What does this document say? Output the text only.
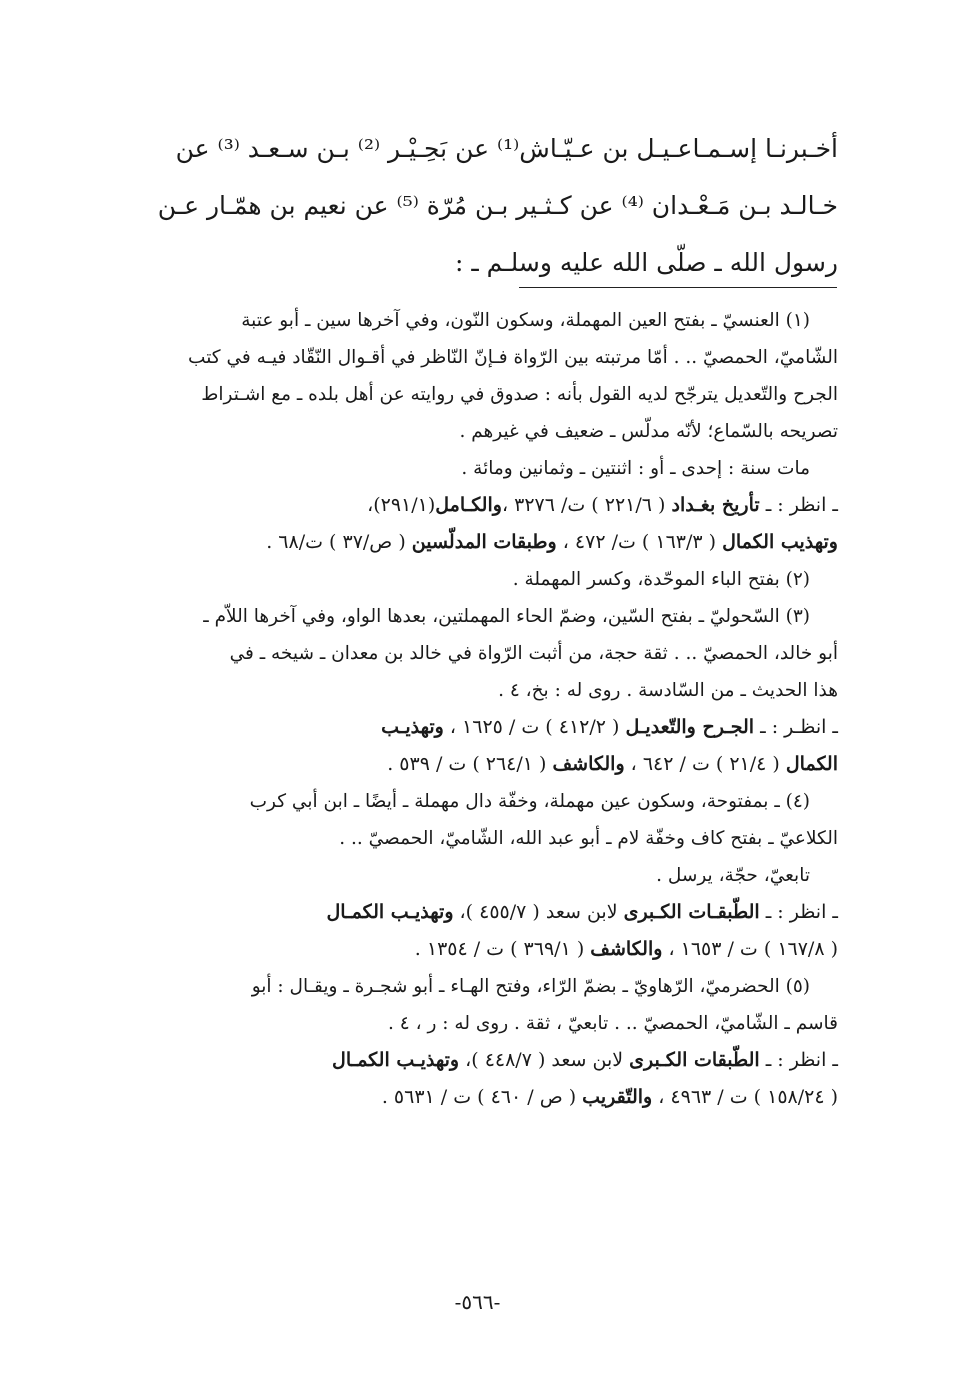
أخـبرنـا إسـمـاعـيـل بن عـيّـاش⁽¹⁾ عن بَحِـيْـر ⁽²⁾ بـن سـعـد ⁽³⁾ عن

خـالـد بـن مَـعْـدان ⁽⁴⁾ عن كـثـير بـن مُرّة ⁽⁵⁾ عن نعيم بن همّـار عـن

رسول الله ـ صلّى الله عليه وسلـم ـ :

(١) العنسيّ ـ بفتح العين المهملة، وسكون النّون، وفي آخرها سين ـ أبو عتبة

الشّاميّ، الحمصيّ .. . أمّا مرتبته بين الرّواة فـإنّ النّاظر في أقـوال النّقّاد فيـه في كتب

الجرح والتّعديل يترجّح لديه القول بأنه : صدوق في روايته عن أهل بلده ـ مع اشـتراط

تصريحه بالسّماع؛ لأنّه مدلّس ـ ضعيف في غيرهم .

مات سنة : إحدى ـ أو : اثنتين ـ وثمانين ومائة .

ـ انظر : ـ تأريخ بغـداد ( ٢٢١/٦ ) ت/ ٣٢٧٦ ،والكـامل(٢٩١/١)،

وتهذيب الكمال ( ١٦٣/٣ ) ت/ ٤٧٢ ، وطبقات المدلّسين ( ص/٣٧ ) ت/٦٨ .

(٢) بفتح الباء الموحّدة، وكسر المهملة .

(٣) السّحوليّ ـ بفتح السّين، وضمّ الحاء المهملتين، بعدها الواو، وفي آخرها اللاّم ـ

أبو خالد، الحمصيّ .. . ثقة حجة، من أثبت الرّواة في خالد بن معدان ـ شيخه ـ في

هذا الحديث ـ من السّادسة . روى له : بخ، ٤ .

ـ انظـر : ـ الجـرح والتّعديـل ( ٤١٢/٢ ) ت / ١٦٢٥ ، وتهذيـب

الكمال ( ٢١/٤ ) ت / ٦٤٢ ، والكاشف ( ٢٦٤/١ ) ت / ٥٣٩ .

(٤) ـ بمفتوحة، وسكون عين مهملة، وخفّة دال مهملة ـ أيضًا ـ ابن أبي كرب

الكلاعيّ ـ بفتح كاف وخفّة لام ـ أبو عبد الله، الشّاميّ، الحمصيّ .. .

تابعيّ، حجّة، يرسل .

ـ انظر : ـ الطّبقـات الكـبرى لابن سعد ( ٤٥٥/٧ )، وتهذيـب الكمـال

( ١٦٧/٨ ) ت / ١٦٥٣ ، والكاشف ( ٣٦٩/١ ) ت / ١٣٥٤ .

(٥) الحضرميّ، الرّهاويّ ـ بضمّ الرّاء، وفتح الهـاء ـ أبو شجـرة ـ ويقـال : أبو

قاسم ـ الشّاميّ، الحمصيّ .. . تابعيّ ، ثقة . روى له : ر ، ٤ .

ـ انظر : ـ الطّبقات الكـبرى لابن سعد ( ٤٤٨/٧ )، وتهذيـب الكمـال

( ١٥٨/٢٤ ) ت / ٤٩٦٣ ، والتّقريب ( ص / ٤٦٠ ) ت / ٥٦٣١ .

-٥٦٦-
